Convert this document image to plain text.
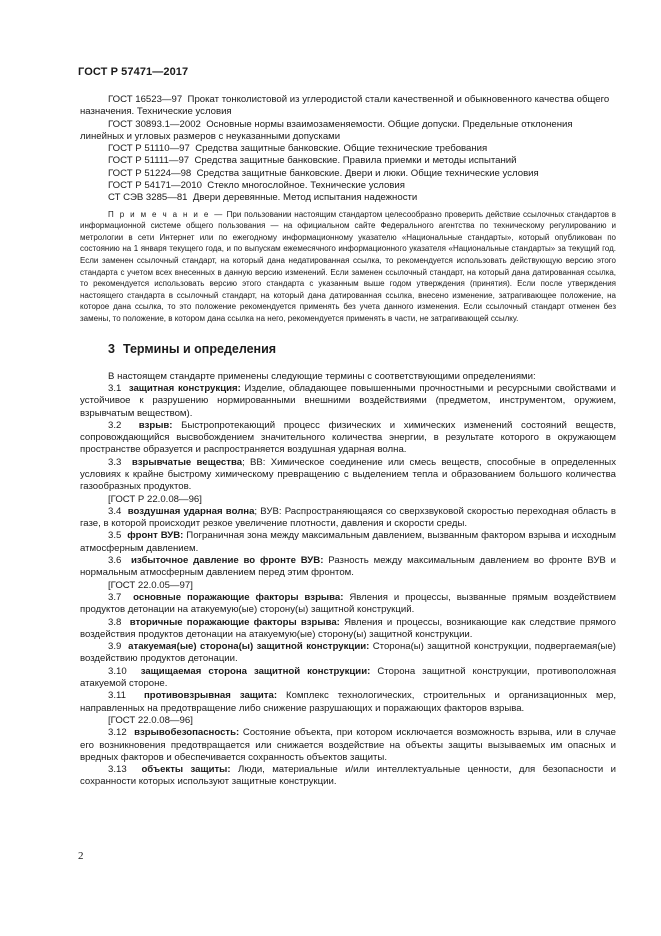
ГОСТ Р 57471—2017

ГОСТ 16523—97 Прокат тонколистовой из углеродистой стали качественной и обыкновенного качества общего назначения. Технические условия

ГОСТ 30893.1—2002 Основные нормы взаимозаменяемости. Общие допуски. Предельные отклонения линейных и угловых размеров с неуказанными допусками

ГОСТ Р 51110—97 Средства защитные банковские. Общие технические требования

ГОСТ Р 51111—97 Средства защитные банковские. Правила приемки и методы испытаний

ГОСТ Р 51224—98 Средства защитные банковские. Двери и люки. Общие технические условия

ГОСТ Р 54171—2010 Стекло многослойное. Технические условия

СТ СЭВ 3285—81 Двери деревянные. Метод испытания надежности

П р и м е ч а н и е — При пользовании настоящим стандартом целесообразно проверить действие ссылочных стандартов в информационной системе общего пользования — на официальном сайте Федерального агентства по техническому регулированию и метрологии в сети Интернет или по ежегодному информационному указателю «Национальные стандарты», который опубликован по состоянию на 1 января текущего года, и по выпускам ежемесячного информационного указателя «Национальные стандарты» за текущий год. Если заменен ссылочный стандарт, на который дана недатированная ссылка, то рекомендуется использовать действующую версию этого стандарта с учетом всех внесенных в данную версию изменений. Если заменен ссылочный стандарт, на который дана датированная ссылка, то рекомендуется использовать версию этого стандарта с указанным выше годом утверждения (принятия). Если после утверждения настоящего стандарта в ссылочный стандарт, на который дана датированная ссылка, внесено изменение, затрагивающее положение, на которое дана ссылка, то это положение рекомендуется применять без учета данного изменения. Если ссылочный стандарт отменен без замены, то положение, в котором дана ссылка на него, рекомендуется применять в части, не затрагивающей ссылку.

3 Термины и определения

В настоящем стандарте применены следующие термины с соответствующими определениями:

3.1 защитная конструкция: Изделие, обладающее повышенными прочностными и ресурсными свойствами и устойчивое к разрушению нормированными внешними воздействиями (предметом, инструментом, оружием, взрывчатым веществом).

3.2 взрыв: Быстропротекающий процесс физических и химических изменений состояний веществ, сопровождающийся высвобождением значительного количества энергии, в результате которого в окружающем пространстве образуется и распространяется воздушная ударная волна.

3.3 взрывчатые вещества; ВВ: Химическое соединение или смесь веществ, способные в определенных условиях к крайне быстрому химическому превращению с выделением тепла и образованием большого количества газообразных продуктов.

[ГОСТ Р 22.0.08—96]

3.4 воздушная ударная волна; ВУВ: Распространяющаяся со сверхзвуковой скоростью переходная область в газе, в которой происходит резкое увеличение плотности, давления и скорости среды.

3.5 фронт ВУВ: Пограничная зона между максимальным давлением, вызванным фактором взрыва и исходным атмосферным давлением.

3.6 избыточное давление во фронте ВУВ: Разность между максимальным давлением во фронте ВУВ и нормальным атмосферным давлением перед этим фронтом.

[ГОСТ 22.0.05—97]

3.7 основные поражающие факторы взрыва: Явления и процессы, вызванные прямым воздействием продуктов детонации на атакуемую(ые) сторону(ы) защитной конструкций.

3.8 вторичные поражающие факторы взрыва: Явления и процессы, возникающие как следствие прямого воздействия продуктов детонации на атакуемую(ые) сторону(ы) защитной конструкции.

3.9 атакуемая(ые) сторона(ы) защитной конструкции: Сторона(ы) защитной конструкции, подвергаемая(ые) воздействию продуктов детонации.

3.10 защищаемая сторона защитной конструкции: Сторона защитной конструкции, противоположная атакуемой стороне.

3.11 противовзрывная защита: Комплекс технологических, строительных и организационных мер, направленных на предотвращение либо снижение разрушающих и поражающих факторов взрыва.

[ГОСТ 22.0.08—96]

3.12 взрывобезопасность: Состояние объекта, при котором исключается возможность взрыва, или в случае его возникновения предотвращается или снижается воздействие на объекты защиты вызываемых им опасных и вредных факторов и обеспечивается сохранность объектов защиты.

3.13 объекты защиты: Люди, материальные и/или интеллектуальные ценности, для безопасности и сохранности которых используют защитные конструкции.

2
